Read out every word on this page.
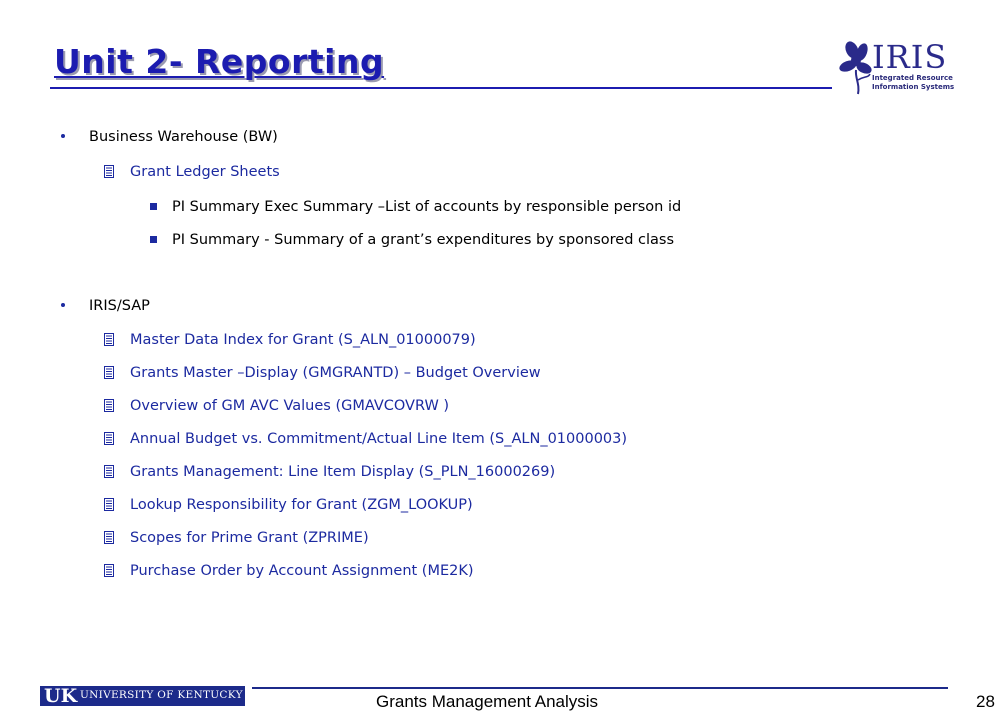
Unit 2- Reporting	IRIS
Integrated Resource
Information Systems
Business Warehouse (BW)
Grant Ledger Sheets
PI Summary Exec Summary –List of accounts by responsible person id
PI Summary - Summary of a grant’s expenditures by sponsored class
IRIS/SAP
Master Data Index for Grant (S_ALN_01000079)
Grants Master –Display (GMGRANTD) – Budget Overview
Overview of GM AVC Values (GMAVCOVRW )
Annual Budget vs. Commitment/Actual Line Item (S_ALN_01000003)
Grants Management: Line Item Display (S_PLN_16000269)
Lookup Responsibility for Grant (ZGM_LOOKUP)
Scopes for Prime Grant (ZPRIME)
Purchase Order by Account Assignment (ME2K)
UK UNIVERSITY OF KENTUCKY	Grants Management Analysis	28
